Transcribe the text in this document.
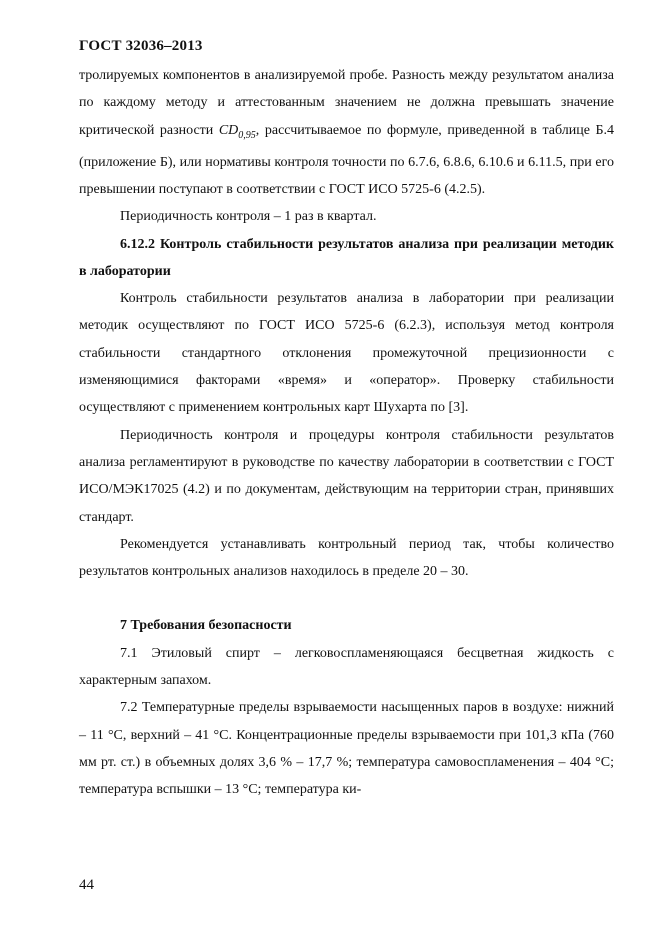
ГОСТ 32036–2013

тролируемых компонентов в анализируемой пробе. Разность между результатом анализа по каждому методу и аттестованным значением не должна превышать значение критической разности $CD_{0,95}$, рассчитываемое по формуле, приведенной в таблице Б.4 (приложение Б), или нормативы контроля точности по 6.7.6, 6.8.6, 6.10.6 и 6.11.5, при его превышении поступают в соответствии с ГОСТ ИСО 5725-6 (4.2.5).

Периодичность контроля – 1 раз в квартал.

6.12.2 Контроль стабильности результатов анализа при реализации методик в лаборатории

Контроль стабильности результатов анализа в лаборатории при реализации методик осуществляют по ГОСТ ИСО 5725-6 (6.2.3), используя метод контроля стабильности стандартного отклонения промежуточной прецизионности с изменяющимися факторами «время» и «оператор». Проверку стабильности осуществляют с применением контрольных карт Шухарта по [3].

Периодичность контроля и процедуры контроля стабильности результатов анализа регламентируют в руководстве по качеству лаборатории в соответствии с ГОСТ ИСО/МЭК17025 (4.2) и по документам, действующим на территории стран, принявших стандарт.

Рекомендуется устанавливать контрольный период так, чтобы количество результатов контрольных анализов находилось в пределе 20 – 30.

7 Требования безопасности

7.1 Этиловый спирт – легковоспламеняющаяся бесцветная жидкость с характерным запахом.

7.2 Температурные пределы взрываемости насыщенных паров в воздухе: нижний – 11 °С, верхний – 41 °С. Концентрационные пределы взрываемости при 101,3 кПа (760 мм рт. ст.) в объемных долях 3,6 % – 17,7 %; температура самовоспламенения – 404 °С; температура вспышки – 13 °С; температура ки-

44
